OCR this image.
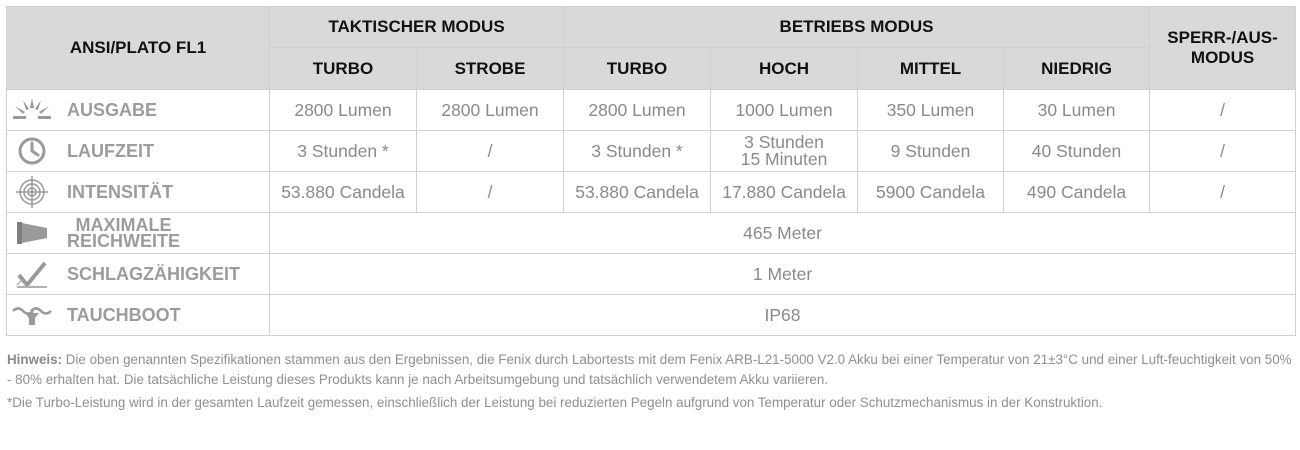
ANSI/PLATO FL1	TAKTISCHER MODUS		BETRIEBS MODUS				SPERR-/AUS-
MODUS
	TURBO	STROBE	TURBO	HOCH	MITTEL	NIEDRIG	

AUSGABE	2800 Lumen	2800 Lumen	2800 Lumen	1000 Lumen	350 Lumen	30 Lumen	/

LAUFZEIT	3 Stunden *	/	3 Stunden *	3 Stunden
15 Minuten	9 Stunden	40 Stunden	/

INTENSITÄT	53.880 Candela	/	53.880 Candela	17.880 Candela	5900 Candela	490 Candela	/

MAXIMALE
REICHWEITE	465 Meter						

SCHLAGZÄHIGKEIT	1 Meter						

TAUCHBOOT	IP68						

Hinweis: Die oben genannten Spezifikationen stammen aus den Ergebnissen, die Fenix durch Labortests mit dem Fenix ARB-L21-5000 V2.0 Akku bei einer Temperatur von 21±3°C und einer Luft-feuchtigkeit von 50% - 80% erhalten hat. Die tatsächliche Leistung dieses Produkts kann je nach Arbeitsumgebung und tatsächlich verwendetem Akku variieren.

*Die Turbo-Leistung wird in der gesamten Laufzeit gemessen, einschließlich der Leistung bei reduzierten Pegeln aufgrund von Temperatur oder Schutzmechanismus in der Konstruktion.
